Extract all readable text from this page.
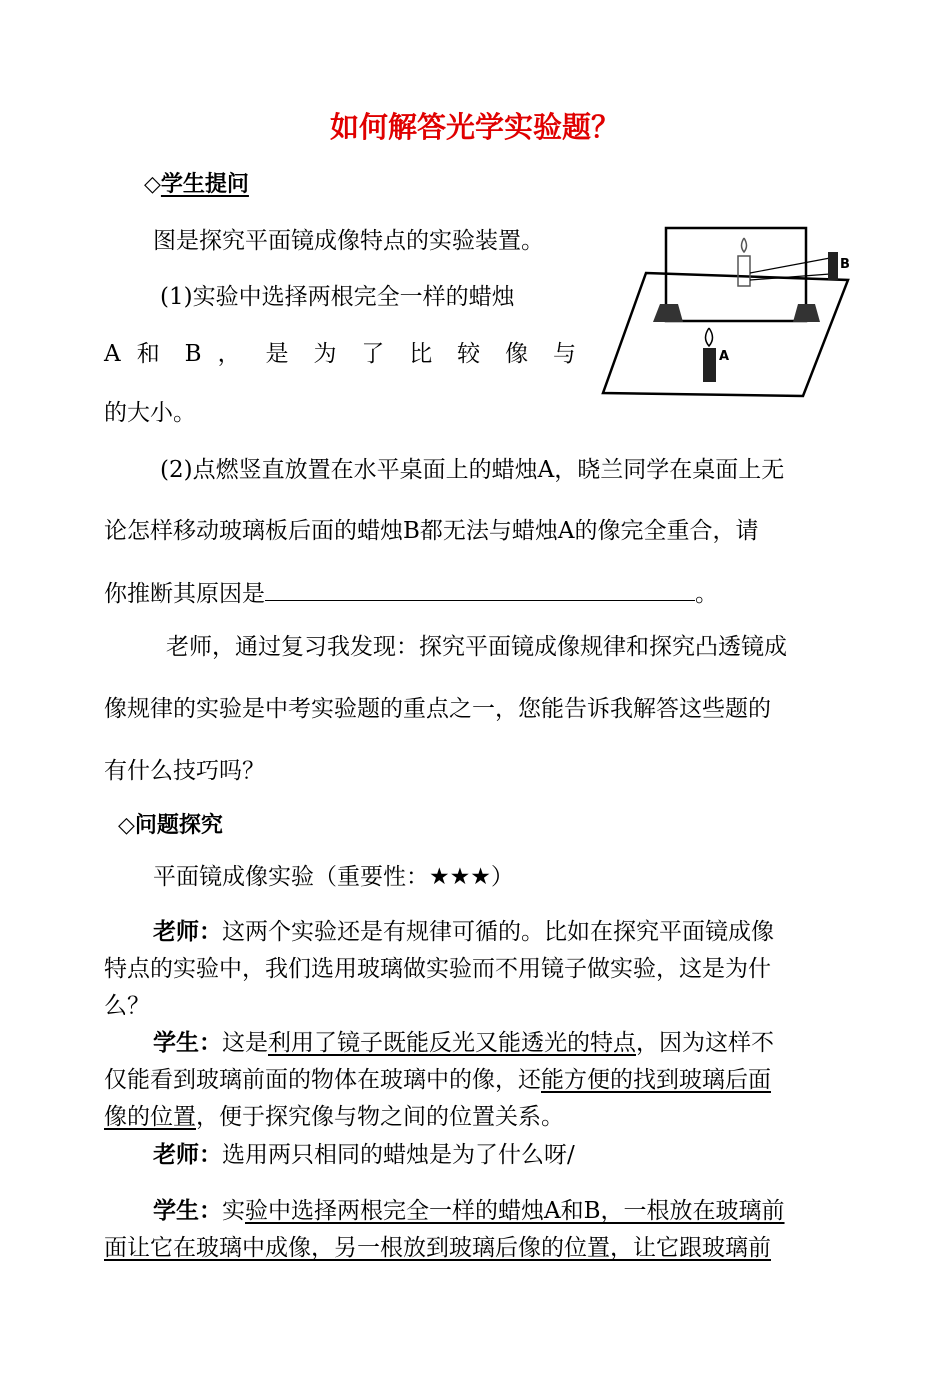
如何解答光学实验题？
◇学生提问
图是探究平面镜成像特点的实验装置。
(1)实验中选择两根完全一样的蜡烛
A 和 B ， 是 为 了 比 较 像 与
的大小。
B
A
(2)点燃竖直放置在水平桌面上的蜡烛A，晓兰同学在桌面上无
论怎样移动玻璃板后面的蜡烛B都无法与蜡烛A的像完全重合，请
你推断其原因是	。
老师，通过复习我发现：探究平面镜成像规律和探究凸透镜成
像规律的实验是中考实验题的重点之一，您能告诉我解答这些题的
有什么技巧吗？
◇问题探究
平面镜成像实验（重要性：★★★）
老师：这两个实验还是有规律可循的。比如在探究平面镜成像
特点的实验中，我们选用玻璃做实验而不用镜子做实验，这是为什
么？
学生：这是利用了镜子既能反光又能透光的特点，因为这样不
仅能看到玻璃前面的物体在玻璃中的像，还能方便的找到玻璃后面
像的位置，便于探究像与物之间的位置关系。
老师：选用两只相同的蜡烛是为了什么呀/
学生：实验中选择两根完全一样的蜡烛A和B，一根放在玻璃前
面让它在玻璃中成像，另一根放到玻璃后像的位置，让它跟玻璃前
